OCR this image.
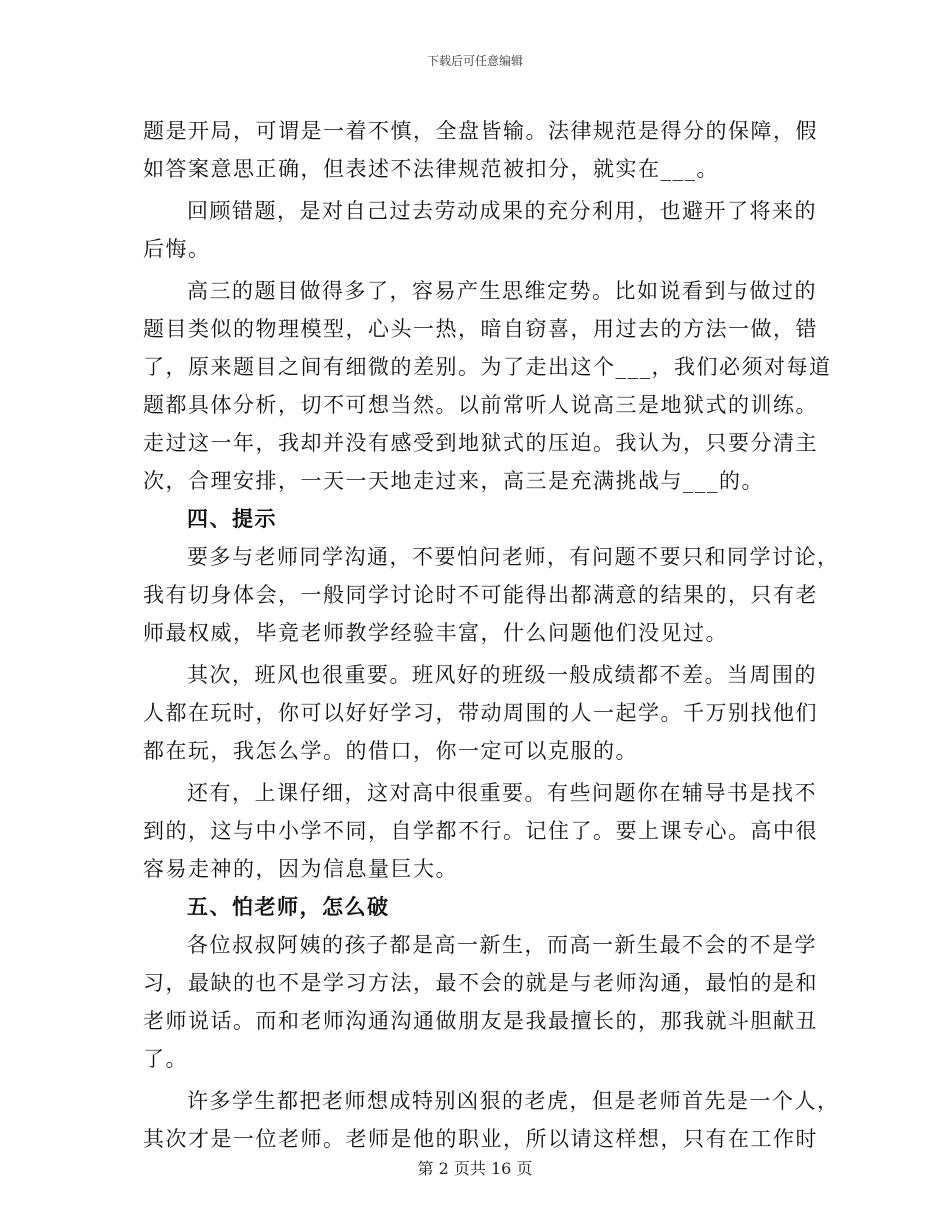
下载后可任意编辑
题是开局，可谓是一着不慎，全盘皆输。法律规范是得分的保障，假
如答案意思正确，但表述不法律规范被扣分，就实在___。
回顾错题，是对自己过去劳动成果的充分利用，也避开了将来的
后悔。
高三的题目做得多了，容易产生思维定势。比如说看到与做过的
题目类似的物理模型，心头一热，暗自窃喜，用过去的方法一做，错
了，原来题目之间有细微的差别。为了走出这个___，我们必须对每道
题都具体分析，切不可想当然。以前常听人说高三是地狱式的训练。
走过这一年，我却并没有感受到地狱式的压迫。我认为，只要分清主
次，合理安排，一天一天地走过来，高三是充满挑战与___的。
四、提示
要多与老师同学沟通，不要怕问老师，有问题不要只和同学讨论，
我有切身体会，一般同学讨论时不可能得出都满意的结果的，只有老
师最权威，毕竟老师教学经验丰富，什么问题他们没见过。
其次，班风也很重要。班风好的班级一般成绩都不差。当周围的
人都在玩时，你可以好好学习，带动周围的人一起学。千万别找他们
都在玩，我怎么学。的借口，你一定可以克服的。
还有，上课仔细，这对高中很重要。有些问题你在辅导书是找不
到的，这与中小学不同，自学都不行。记住了。要上课专心。高中很
容易走神的，因为信息量巨大。
五、怕老师，怎么破
各位叔叔阿姨的孩子都是高一新生，而高一新生最不会的不是学
习，最缺的也不是学习方法，最不会的就是与老师沟通，最怕的是和
老师说话。而和老师沟通沟通做朋友是我最擅长的，那我就斗胆献丑
了。
许多学生都把老师想成特别凶狠的老虎，但是老师首先是一个人，
其次才是一位老师。老师是他的职业，所以请这样想，只有在工作时
第 2 页共 16 页
